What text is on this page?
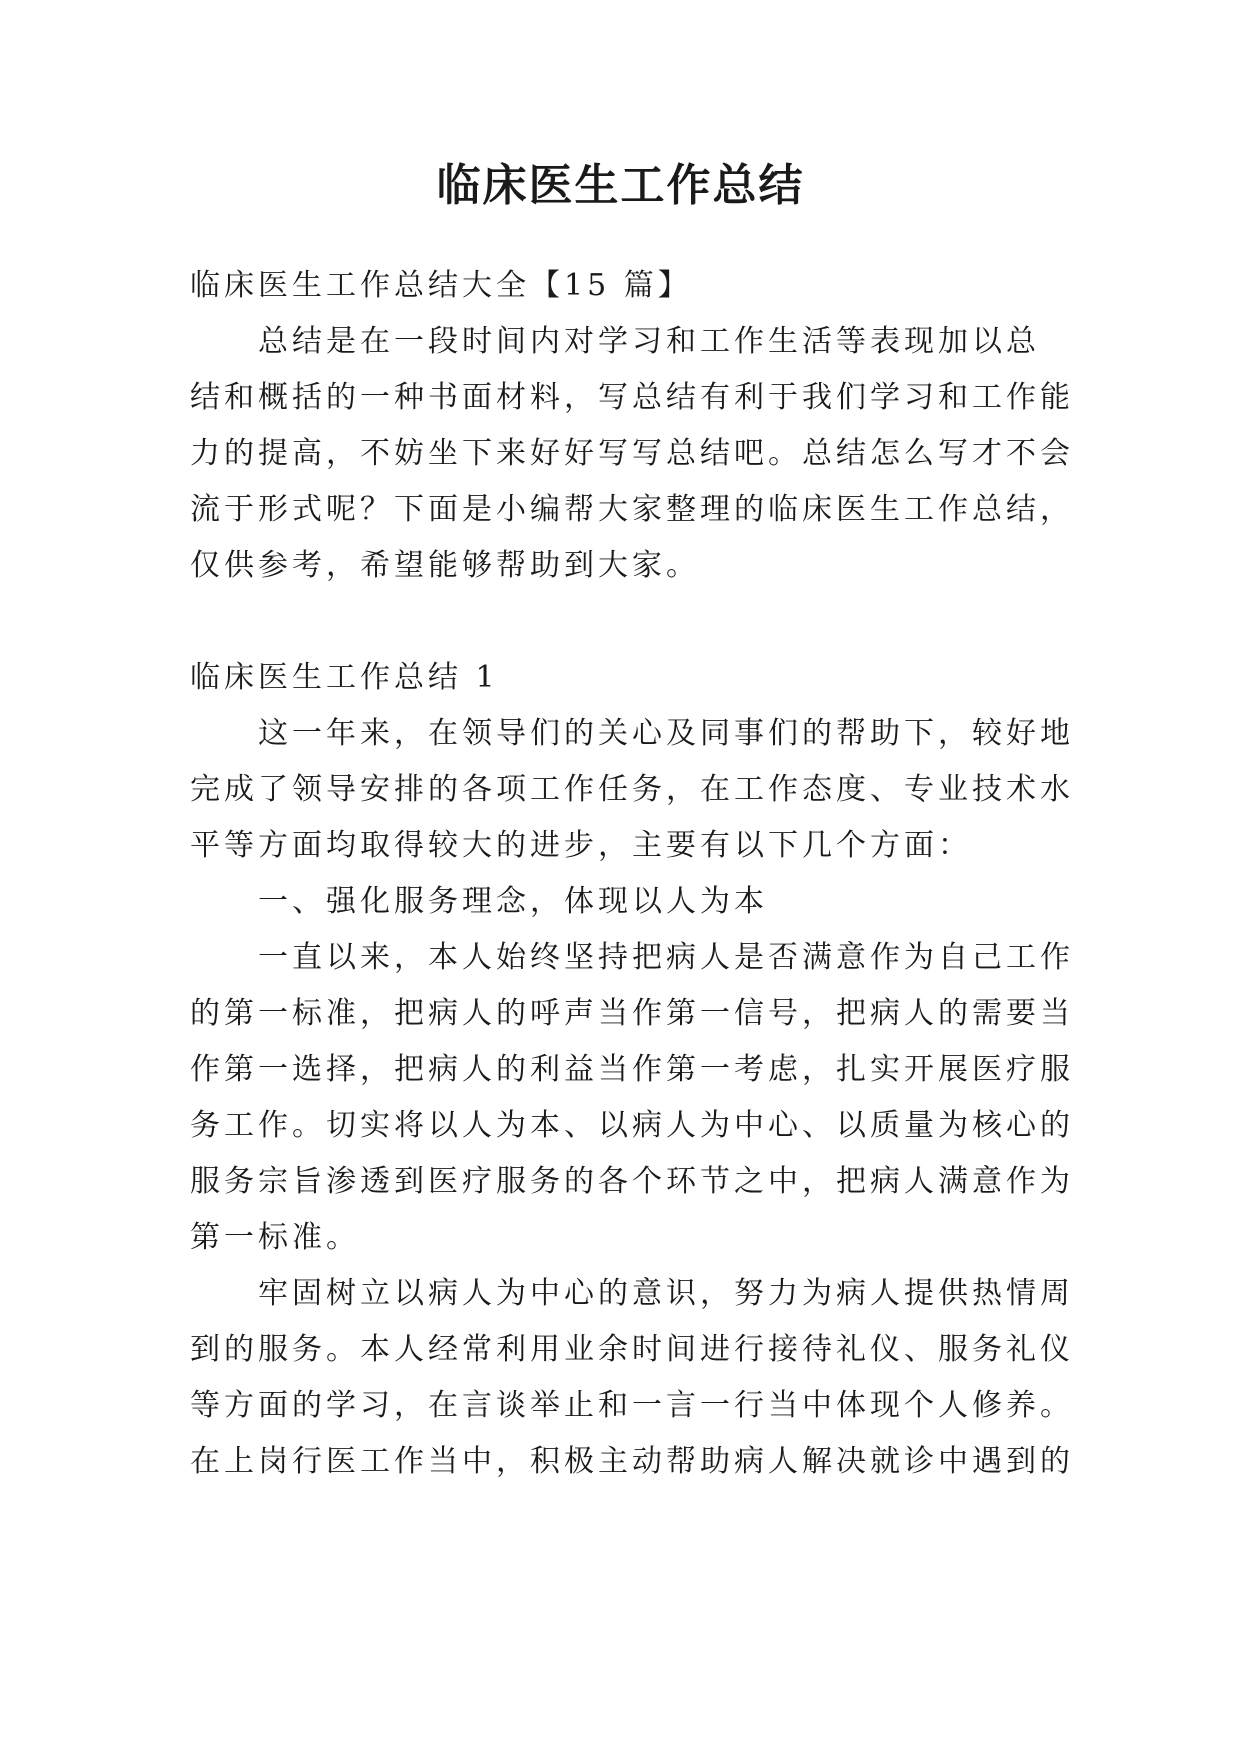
临床医生工作总结

临床医生工作总结大全【15 篇】

总结是在一段时间内对学习和工作生活等表现加以总

结和概括的一种书面材料，写总结有利于我们学习和工作能

力的提高，不妨坐下来好好写写总结吧。总结怎么写才不会

流于形式呢？下面是小编帮大家整理的临床医生工作总结，

仅供参考，希望能够帮助到大家。

临床医生工作总结 1

这一年来，在领导们的关心及同事们的帮助下，较好地

完成了领导安排的各项工作任务，在工作态度、专业技术水

平等方面均取得较大的进步，主要有以下几个方面：

一、强化服务理念，体现以人为本

一直以来，本人始终坚持把病人是否满意作为自己工作

的第一标准，把病人的呼声当作第一信号，把病人的需要当

作第一选择，把病人的利益当作第一考虑，扎实开展医疗服

务工作。切实将以人为本、以病人为中心、以质量为核心的

服务宗旨渗透到医疗服务的各个环节之中，把病人满意作为

第一标准。

牢固树立以病人为中心的意识，努力为病人提供热情周

到的服务。本人经常利用业余时间进行接待礼仪、服务礼仪

等方面的学习，在言谈举止和一言一行当中体现个人修养。

在上岗行医工作当中，积极主动帮助病人解决就诊中遇到的
